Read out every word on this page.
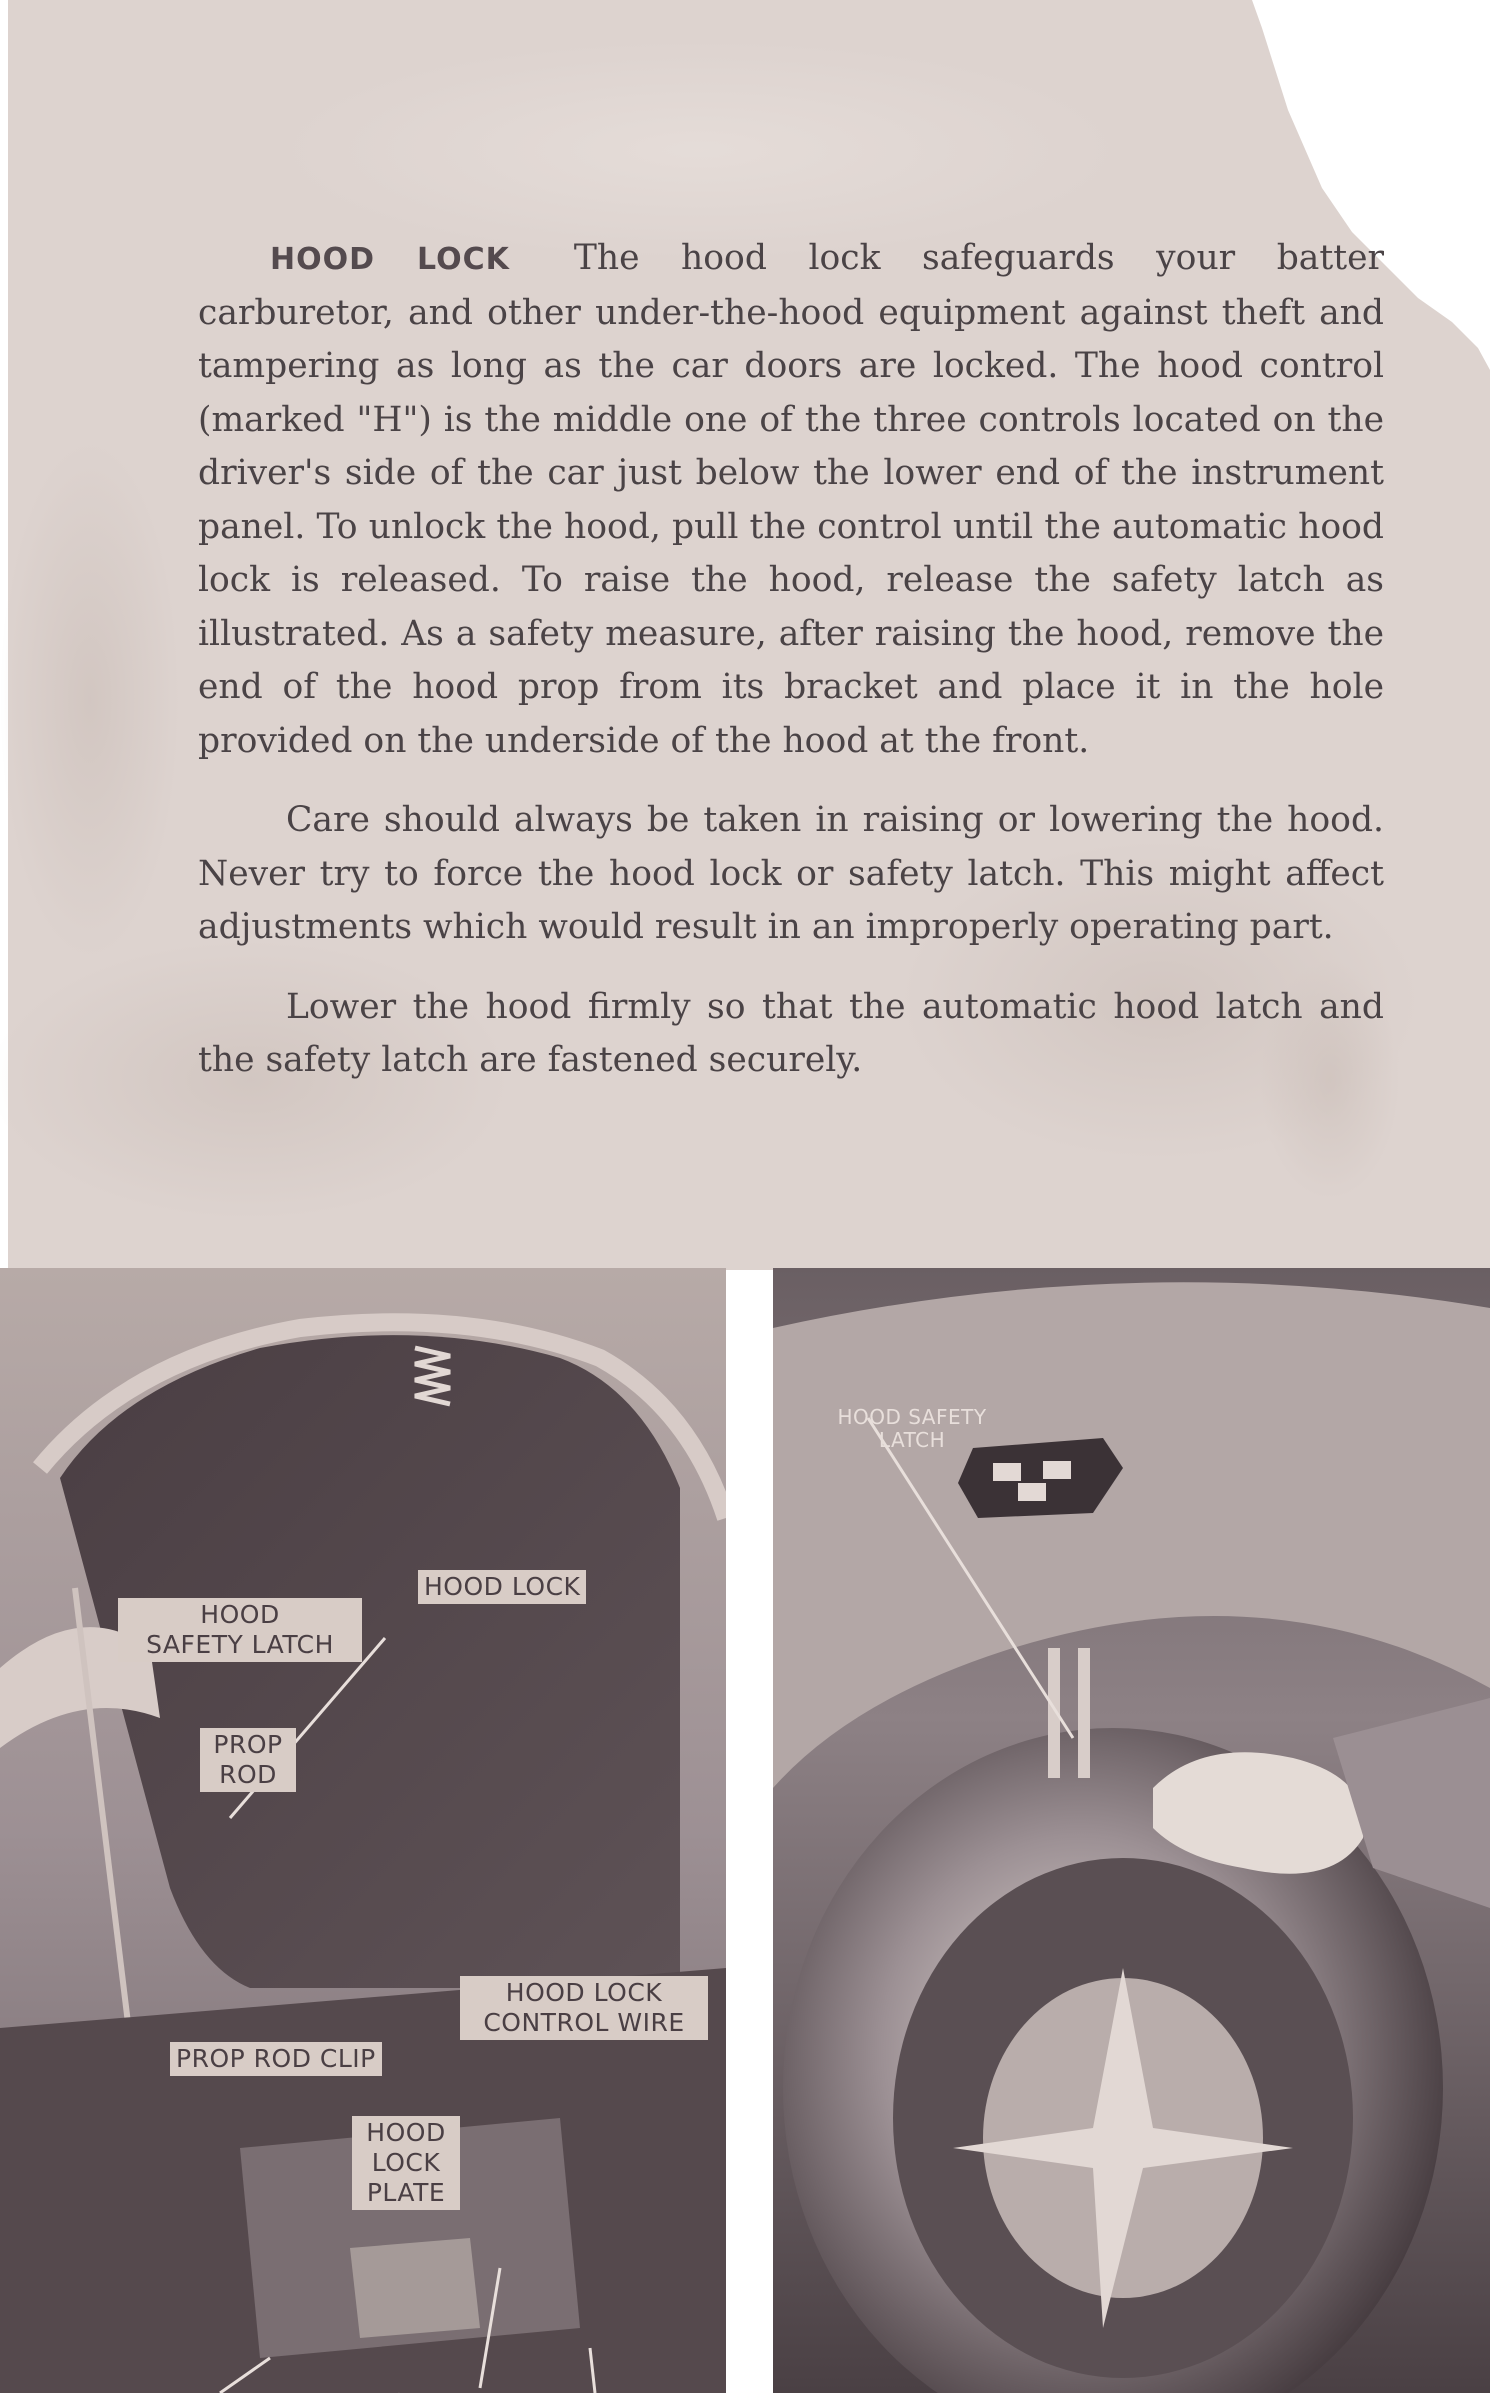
HOOD LOCK The hood lock safeguards your batter carburetor, and other under-the-hood equipment against theft and tampering as long as the car doors are locked. The hood control (marked "H") is the middle one of the three controls located on the driver's side of the car just below the lower end of the instrument panel. To unlock the hood, pull the control until the automatic hood lock is released. To raise the hood, release the safety latch as illustrated. As a safety measure, after raising the hood, remove the end of the hood prop from its bracket and place it in the hole provided on the underside of the hood at the front.

Care should always be taken in raising or lowering the hood. Never try to force the hood lock or safety latch. This might affect adjustments which would result in an improperly operating part.

Lower the hood firmly so that the automatic hood latch and the safety latch are fastened securely.

HOOD LOCK
HOOD
SAFETY LATCH
PROP
ROD
HOOD LOCK
CONTROL WIRE
PROP ROD CLIP
HOOD
LOCK
PLATE
HOOD SAFETY
LATCH
